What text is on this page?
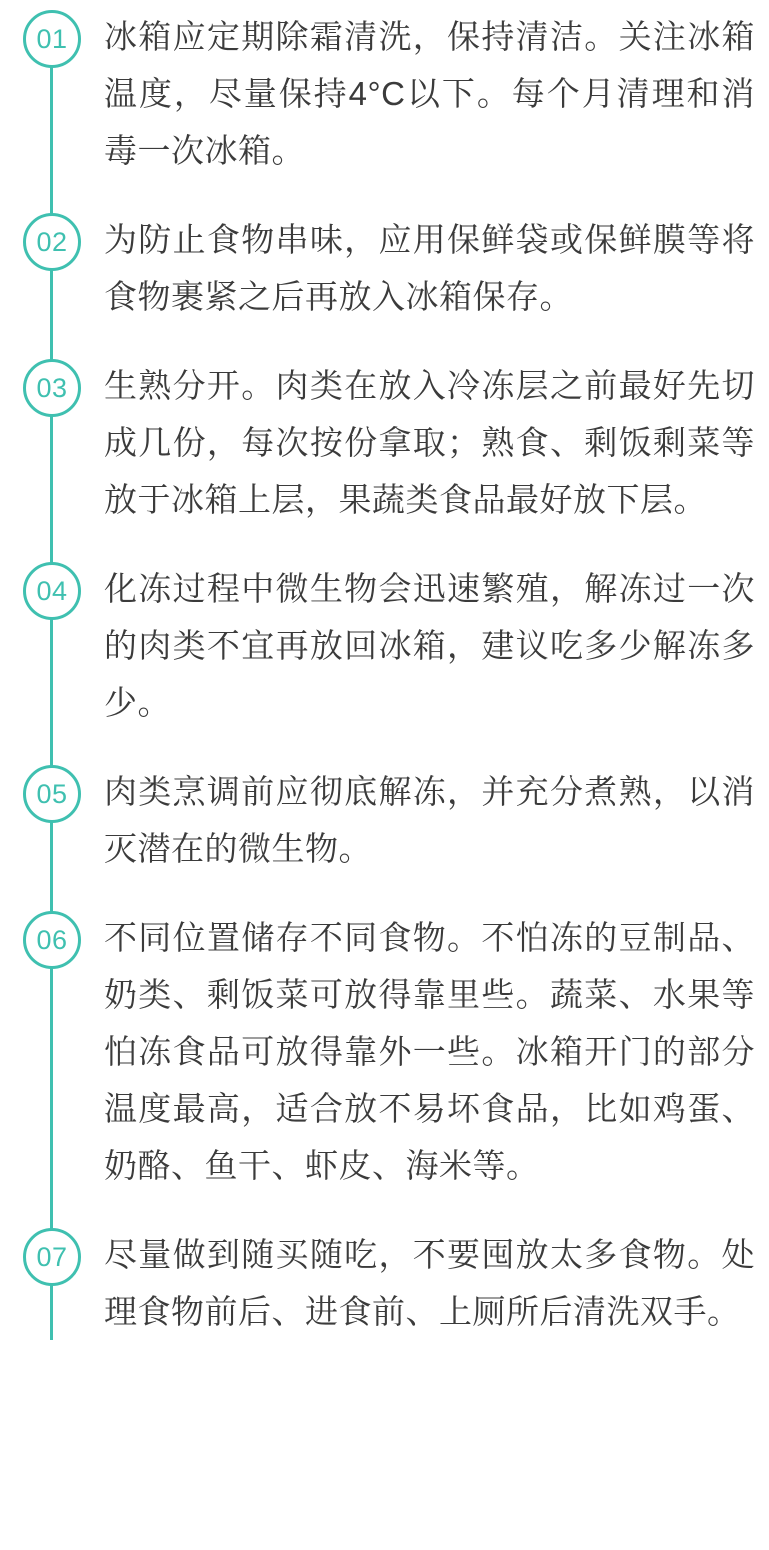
01	冰箱应定期除霜清洗，保持清洁。关注冰箱温度，尽量保持4°C以下。每个月清理和消毒一次冰箱。
02	为防止食物串味，应用保鲜袋或保鲜膜等将食物裹紧之后再放入冰箱保存。
03	生熟分开。肉类在放入冷冻层之前最好先切成几份，每次按份拿取；熟食、剩饭剩菜等放于冰箱上层，果蔬类食品最好放下层。
04	化冻过程中微生物会迅速繁殖，解冻过一次的肉类不宜再放回冰箱，建议吃多少解冻多少。
05	肉类烹调前应彻底解冻，并充分煮熟，以消灭潜在的微生物。
06	不同位置储存不同食物。不怕冻的豆制品、奶类、剩饭菜可放得靠里些。蔬菜、水果等怕冻食品可放得靠外一些。冰箱开门的部分温度最高，适合放不易坏食品，比如鸡蛋、奶酪、鱼干、虾皮、海米等。
07	尽量做到随买随吃，不要囤放太多食物。处理食物前后、进食前、上厕所后清洗双手。
